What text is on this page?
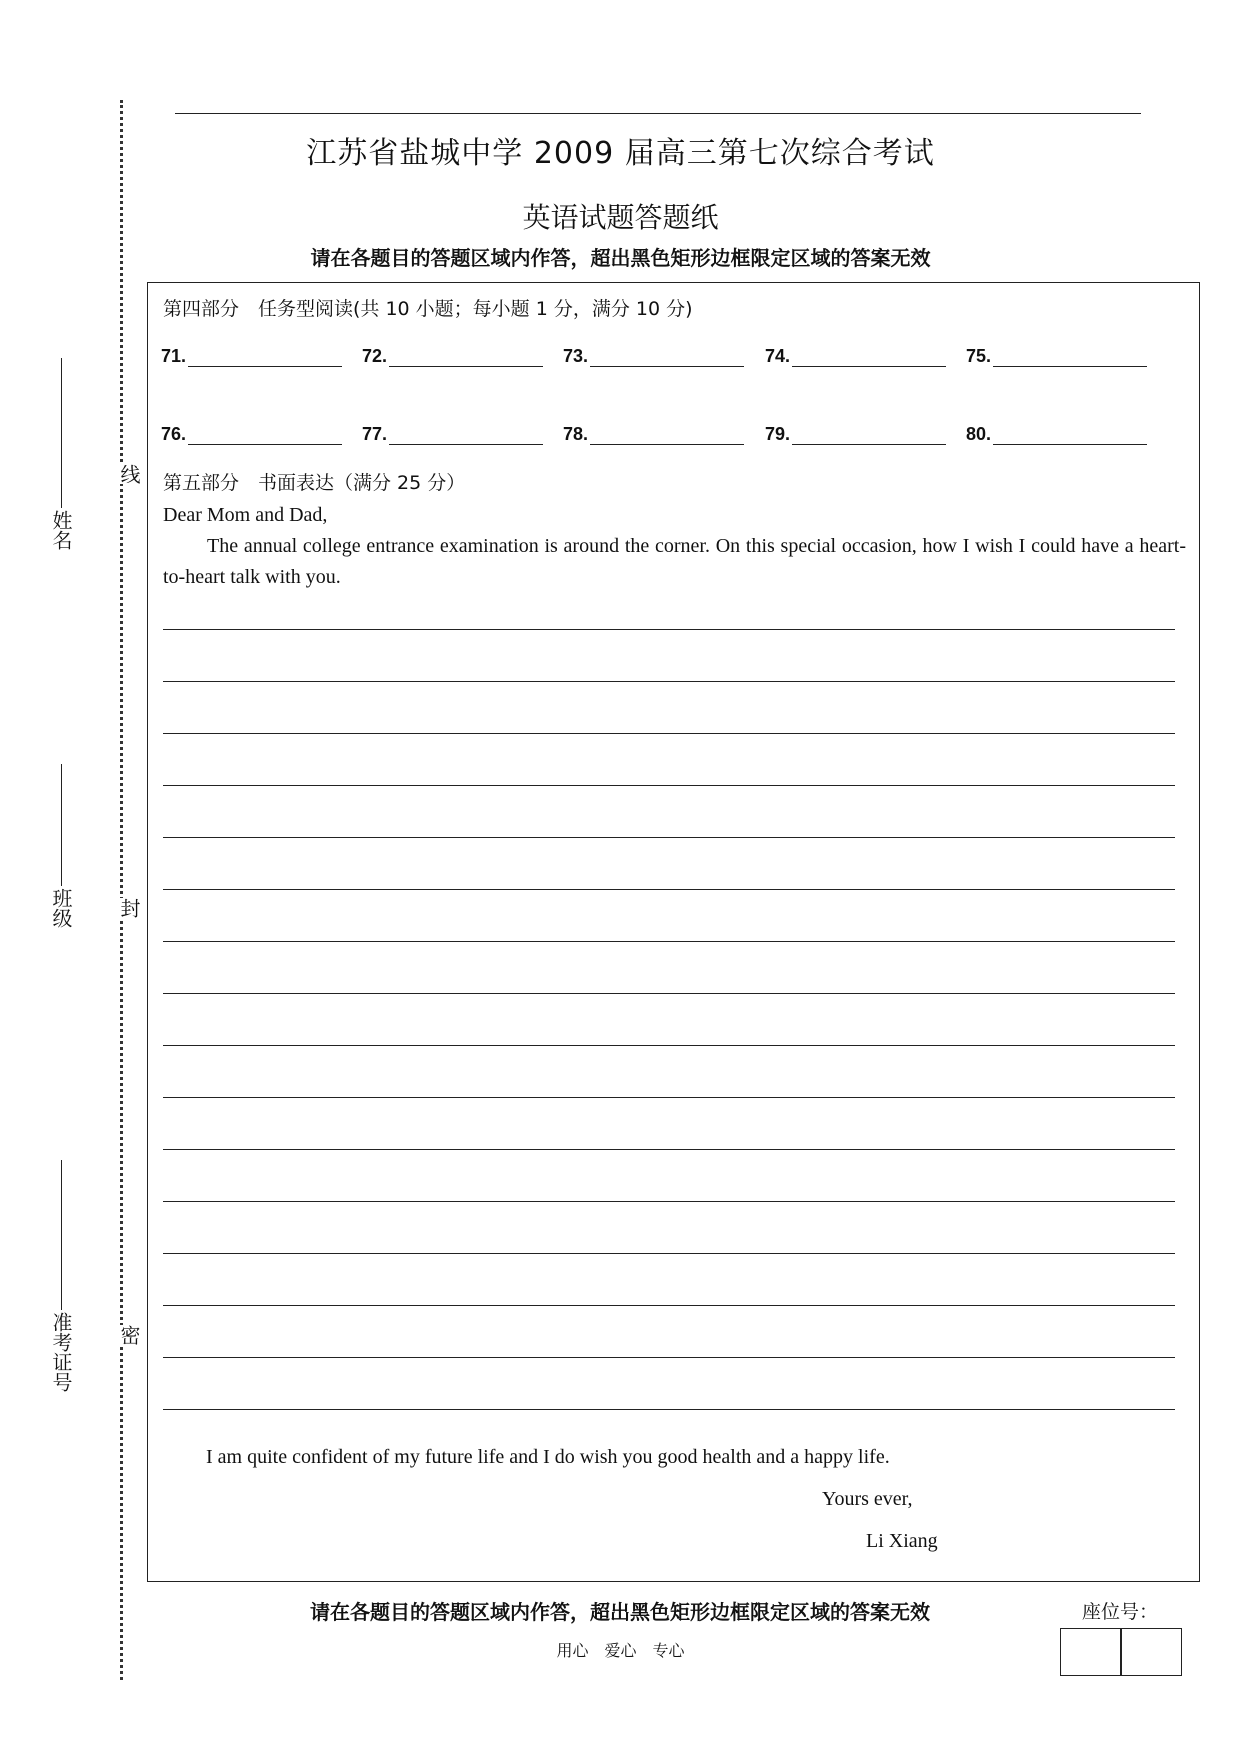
线
封
密
姓名
班级
准考证号
江苏省盐城中学 2009 届高三第七次综合考试
英语试题答题纸
请在各题目的答题区域内作答，超出黑色矩形边框限定区域的答案无效
第四部分　任务型阅读(共 10 小题；每小题 1 分，满分 10 分)
71.	72.	73.	74.	75.
76.	77.	78.	79.	80.
第五部分　书面表达（满分 25 分）
Dear Mom and Dad,
The annual college entrance examination is around the corner. On this special occasion, how I wish I could have a heart-to-heart talk with you.
I am quite confident of my future life and I do wish you good health and a happy life.
Yours ever,
Li Xiang
请在各题目的答题区域内作答，超出黑色矩形边框限定区域的答案无效
用心　爱心　专心
座位号：
